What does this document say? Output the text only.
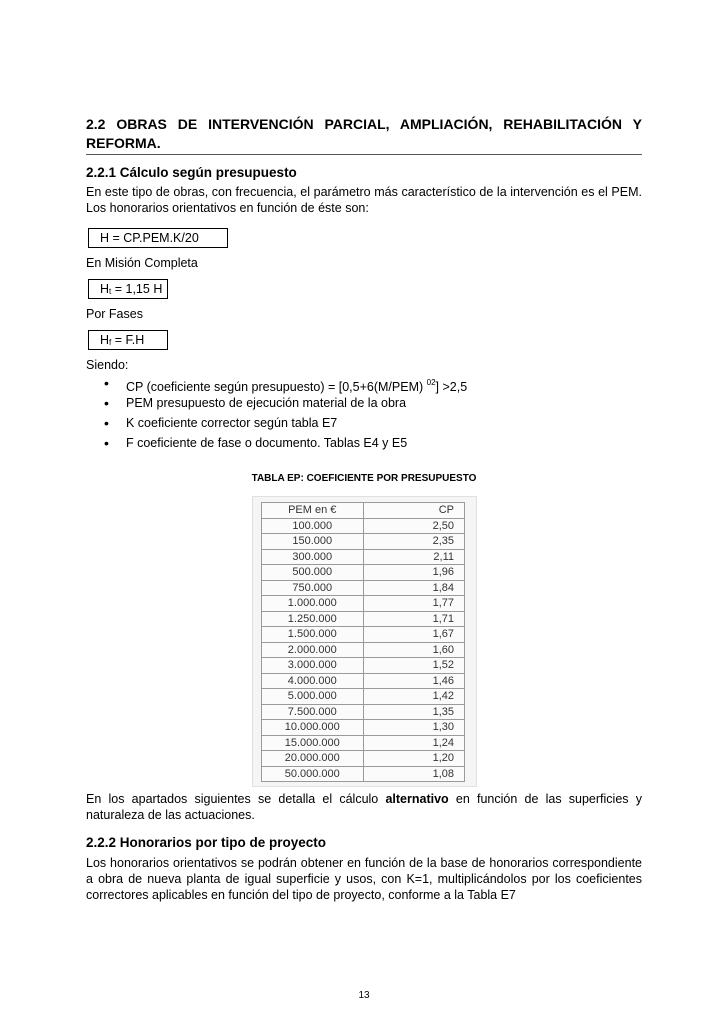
2.2 OBRAS DE INTERVENCIÓN PARCIAL, AMPLIACIÓN, REHABILITACIÓN Y
REFORMA.
2.2.1 Cálculo según presupuesto
En este tipo de obras, con frecuencia, el parámetro más característico de la intervención es el PEM. Los honorarios orientativos en función de éste son:
H = CP.PEM.K/20
En Misión Completa
Ht = 1,15 H
Por Fases
Hf = F.H
Siendo:
• CP (coeficiente según presupuesto) = [0,5+6(M/PEM) $^{02}$] >2,5
• PEM presupuesto de ejecución material de la obra
• K coeficiente corrector según tabla E7
• F coeficiente de fase o documento. Tablas E4 y E5
TABLA EP: COEFICIENTE POR PRESUPUESTO
PEM en €	CP
100.000	2,50
150.000	2,35
300.000	2,11
500.000	1,96
750.000	1,84
1.000.000	1,77
1.250.000	1,71
1.500.000	1,67
2.000.000	1,60
3.000.000	1,52
4.000.000	1,46
5.000.000	1,42
7.500.000	1,35
10.000.000	1,30
15.000.000	1,24
20.000.000	1,20
50.000.000	1,08
En los apartados siguientes se detalla el cálculo alternativo en función de las superficies y naturaleza de las actuaciones.
2.2.2 Honorarios por tipo de proyecto
Los honorarios orientativos se podrán obtener en función de la base de honorarios correspondiente a obra de nueva planta de igual superficie y usos, con K=1, multiplicándolos por los coeficientes correctores aplicables en función del tipo de proyecto, conforme a la Tabla E7
13
